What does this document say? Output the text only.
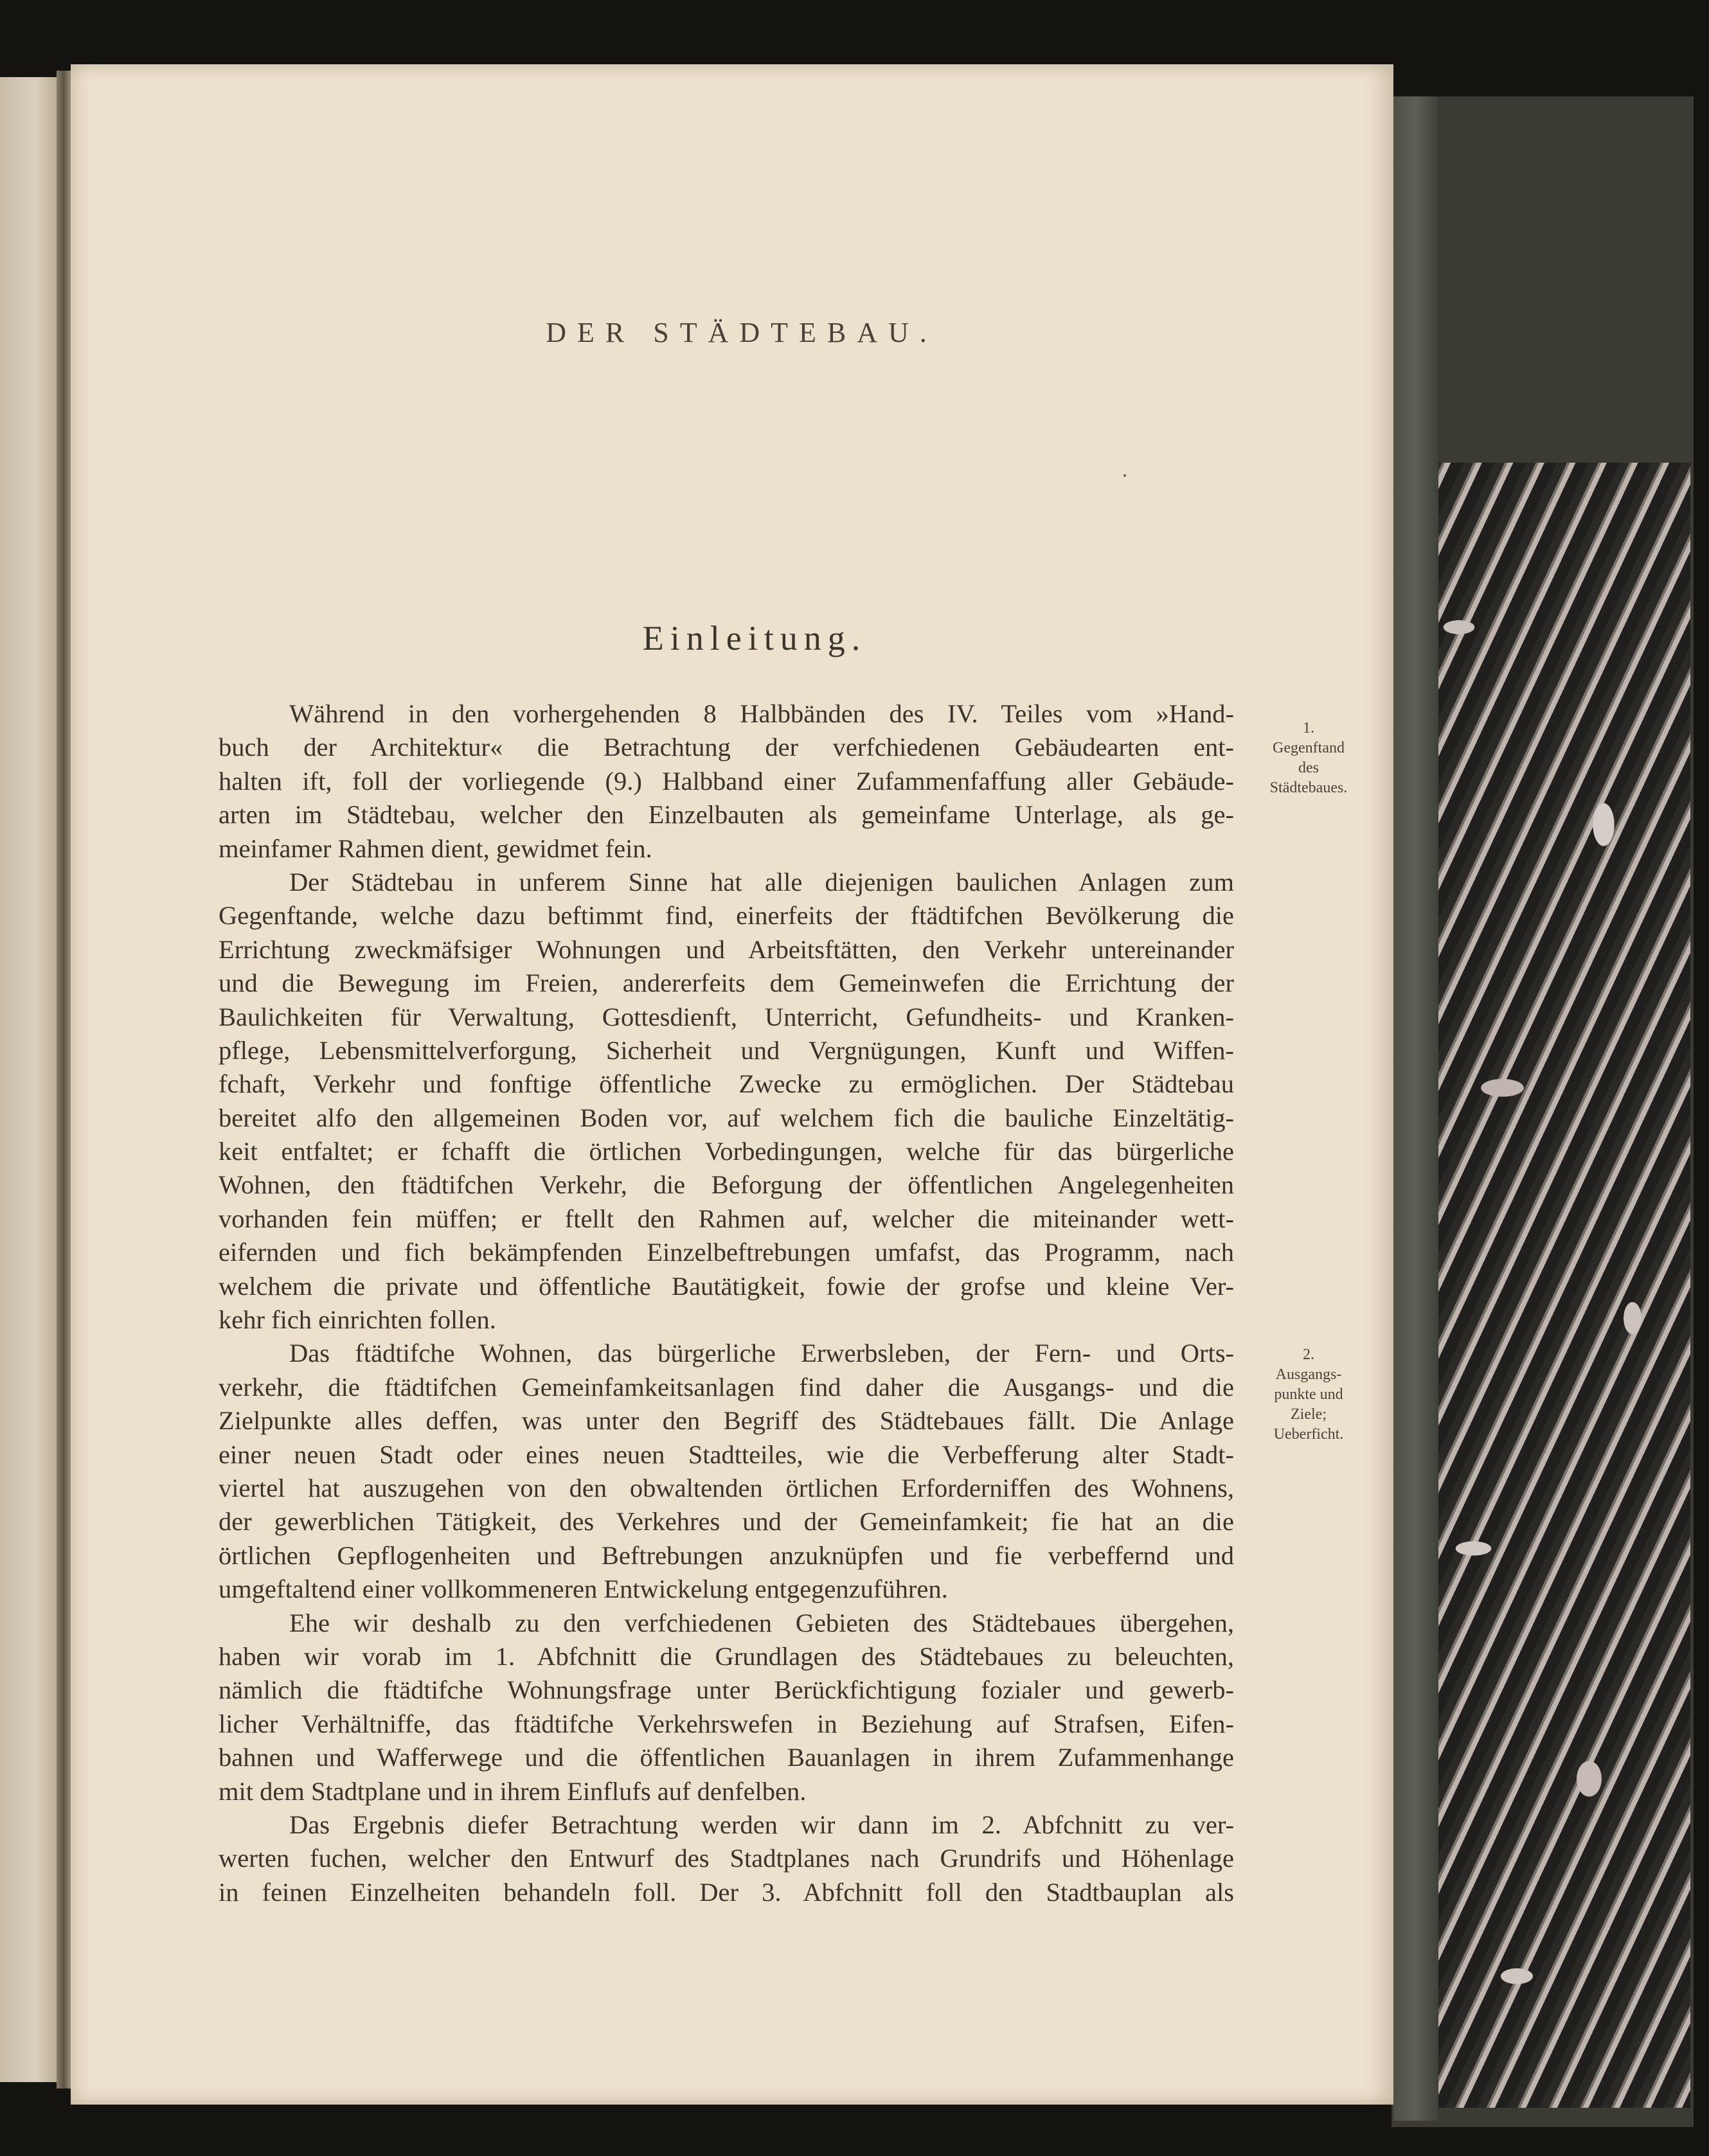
DER STÄDTEBAU.
Einleitung.
1.
Gegenftand
des
Städtebaues.
2.
Ausgangs-
punkte und
Ziele;
Ueberficht.
Während in den vorhergehenden 8 Halbbänden des IV. Teiles vom »Hand-
buch der Architektur« die Betrachtung der verfchiedenen Gebäudearten ent-
halten ift, foll der vorliegende (9.) Halbband einer Zufammenfaffung aller Gebäude-
arten im Städtebau, welcher den Einzelbauten als gemeinfame Unterlage, als ge-
meinfamer Rahmen dient, gewidmet fein.
Der Städtebau in unferem Sinne hat alle diejenigen baulichen Anlagen zum
Gegenftande, welche dazu beftimmt find, einerfeits der ftädtifchen Bevölkerung die
Errichtung zweckmäfsiger Wohnungen und Arbeitsftätten, den Verkehr untereinander
und die Bewegung im Freien, andererfeits dem Gemeinwefen die Errichtung der
Baulichkeiten für Verwaltung, Gottesdienft, Unterricht, Gefundheits- und Kranken-
pflege, Lebensmittelverforgung, Sicherheit und Vergnügungen, Kunft und Wiffen-
fchaft, Verkehr und fonftige öffentliche Zwecke zu ermöglichen. Der Städtebau
bereitet alfo den allgemeinen Boden vor, auf welchem fich die bauliche Einzeltätig-
keit entfaltet; er fchafft die örtlichen Vorbedingungen, welche für das bürgerliche
Wohnen, den ftädtifchen Verkehr, die Beforgung der öffentlichen Angelegenheiten
vorhanden fein müffen; er ftellt den Rahmen auf, welcher die miteinander wett-
eifernden und fich bekämpfenden Einzelbeftrebungen umfafst, das Programm, nach
welchem die private und öffentliche Bautätigkeit, fowie der grofse und kleine Ver-
kehr fich einrichten follen.
Das ftädtifche Wohnen, das bürgerliche Erwerbsleben, der Fern- und Orts-
verkehr, die ftädtifchen Gemeinfamkeitsanlagen find daher die Ausgangs- und die
Zielpunkte alles deffen, was unter den Begriff des Städtebaues fällt. Die Anlage
einer neuen Stadt oder eines neuen Stadtteiles, wie die Verbefferung alter Stadt-
viertel hat auszugehen von den obwaltenden örtlichen Erforderniffen des Wohnens,
der gewerblichen Tätigkeit, des Verkehres und der Gemeinfamkeit; fie hat an die
örtlichen Gepflogenheiten und Beftrebungen anzuknüpfen und fie verbeffernd und
umgeftaltend einer vollkommeneren Entwickelung entgegenzuführen.
Ehe wir deshalb zu den verfchiedenen Gebieten des Städtebaues übergehen,
haben wir vorab im 1. Abfchnitt die Grundlagen des Städtebaues zu beleuchten,
nämlich die ftädtifche Wohnungsfrage unter Berückfichtigung fozialer und gewerb-
licher Verhältniffe, das ftädtifche Verkehrswefen in Beziehung auf Strafsen, Eifen-
bahnen und Wafferwege und die öffentlichen Bauanlagen in ihrem Zufammenhange
mit dem Stadtplane und in ihrem Einflufs auf denfelben.
Das Ergebnis diefer Betrachtung werden wir dann im 2. Abfchnitt zu ver-
werten fuchen, welcher den Entwurf des Stadtplanes nach Grundrifs und Höhenlage
in feinen Einzelheiten behandeln foll. Der 3. Abfchnitt foll den Stadtbauplan als
